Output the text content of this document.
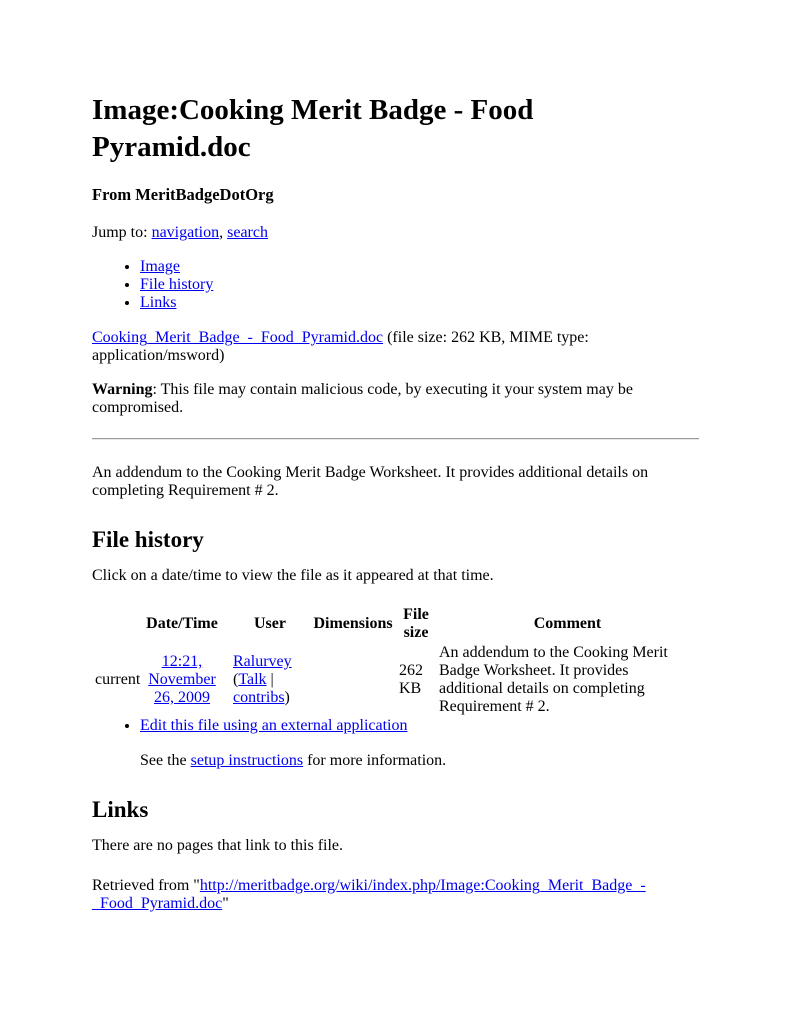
Image:Cooking Merit Badge - Food Pyramid.doc
From MeritBadgeDotOrg

Jump to: navigation, search

• Image
• File history
• Links

Cooking_Merit_Badge_-_Food_Pyramid.doc (file size: 262 KB, MIME type: application/msword)

Warning: This file may contain malicious code, by executing it your system may be compromised.

An addendum to the Cooking Merit Badge Worksheet. It provides additional details on completing Requirement # 2.

File history

Click on a date/time to view the file as it appeared at that time.

	Date/Time	User	Dimensions	File size	Comment
current	12:21, November 26, 2009	Ralurvey (Talk | contribs)		262 KB	An addendum to the Cooking Merit Badge Worksheet. It provides additional details on completing Requirement # 2.
• Edit this file using an external application

See the setup instructions for more information.

Links

There are no pages that link to this file.

Retrieved from "http://meritbadge.org/wiki/index.php/Image:Cooking_Merit_Badge_-_Food_Pyramid.doc"
